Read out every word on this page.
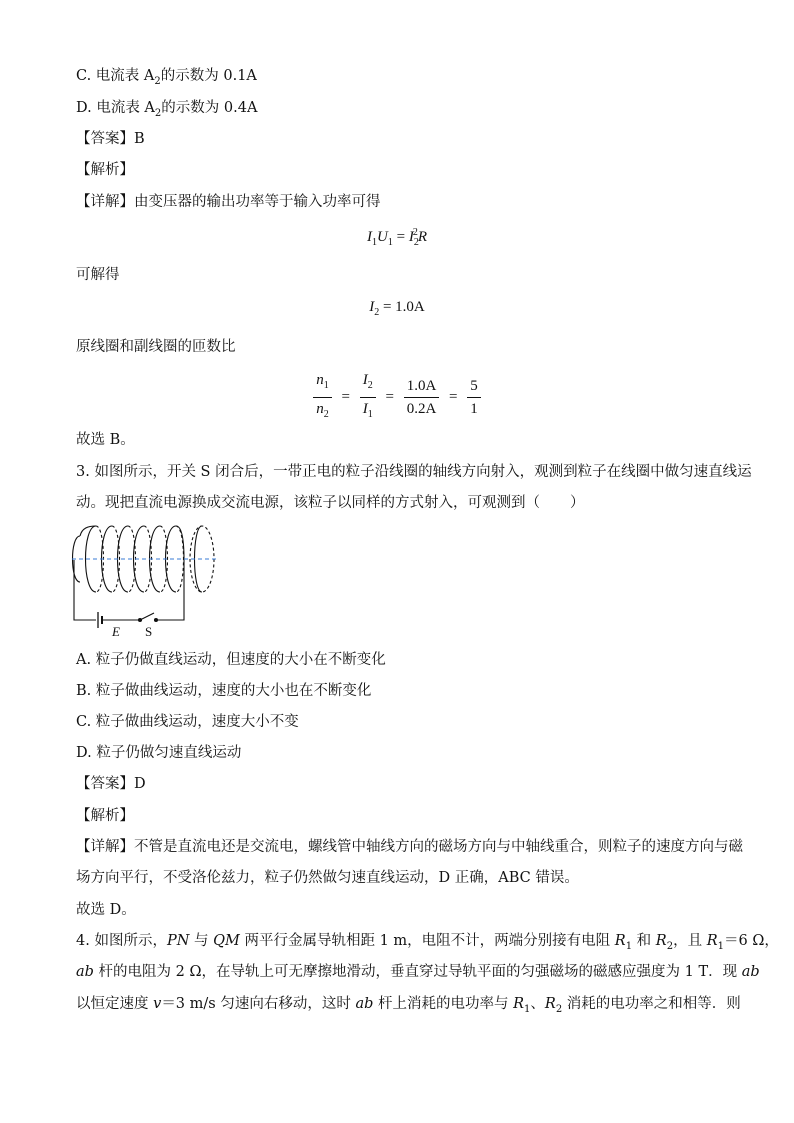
C. 电流表 $A_2$的示数为 0.1A
D. 电流表 $A_2$的示数为 0.4A
【答案】B
【解析】
【详解】由变压器的输出功率等于输入功率可得
$I_1U_1 = I_2^2R$
可解得
$I_2 = 1.0A$
原线圈和副线圈的匝数比
$\frac{n_1}{n_2} = \frac{I_2}{I_1} = \frac{1.0A}{0.2A} = \frac{5}{1}$
故选 B。
3. 如图所示，开关 S 闭合后，一带正电的粒子沿线圈的轴线方向射入，观测到粒子在线圈中做匀速直线运
动。现把直流电源换成交流电源，该粒子以同样的方式射入，可观测到（ ）
E S
A. 粒子仍做直线运动，但速度的大小在不断变化
B. 粒子做曲线运动，速度的大小也在不断变化
C. 粒子做曲线运动，速度大小不变
D. 粒子仍做匀速直线运动
【答案】D
【解析】
【详解】不管是直流电还是交流电，螺线管中轴线方向的磁场方向与中轴线重合，则粒子的速度方向与磁
场方向平行，不受洛伦兹力，粒子仍然做匀速直线运动，D 正确，ABC 错误。
故选 D。
4. 如图所示，PN 与 QM 两平行金属导轨相距 1 m，电阻不计，两端分别接有电阻 $R_1$ 和 $R_2$，且 $R_1=6$ Ω，
ab 杆的电阻为 2 Ω，在导轨上可无摩擦地滑动，垂直穿过导轨平面的匀强磁场的磁感应强度为 1 T．现 ab
以恒定速度 v＝3 m/s 匀速向右移动，这时 ab 杆上消耗的电功率与 $R_1$、$R_2$ 消耗的电功率之和相等．则
